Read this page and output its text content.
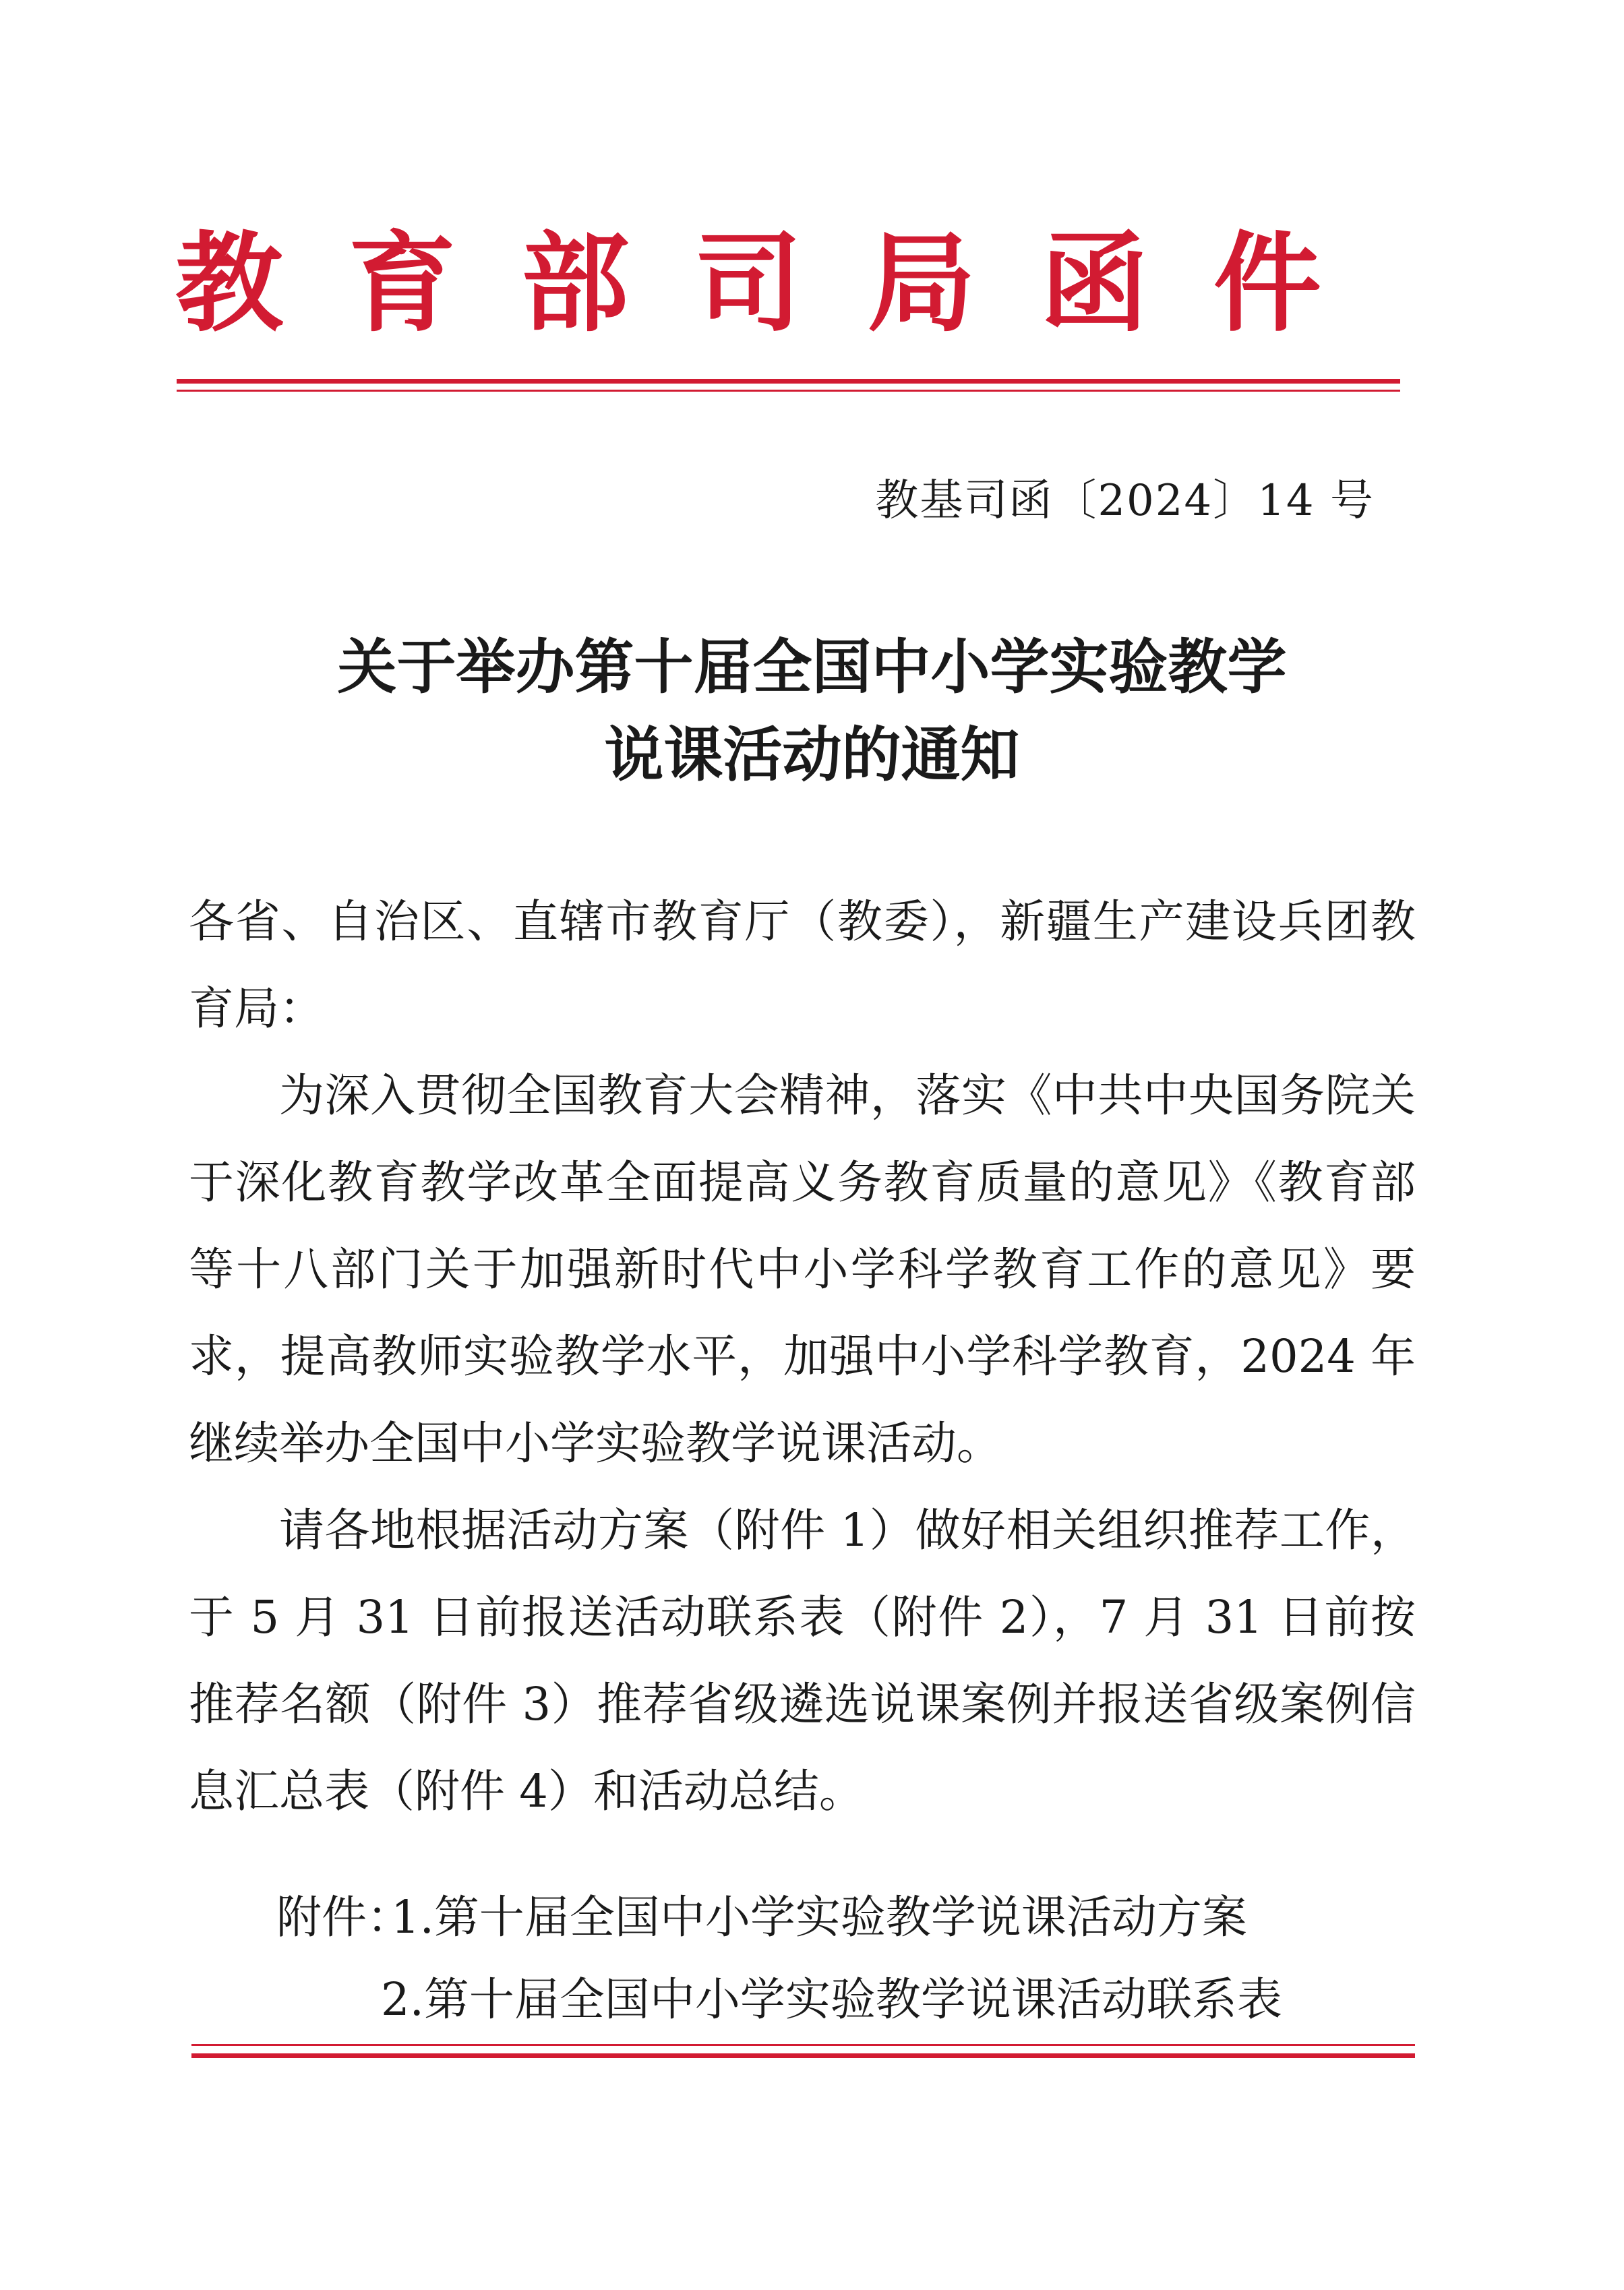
教 育 部 司 局 函 件
教基司函〔2024〕14 号
关于举办第十届全国中小学实验教学
说课活动的通知

各省、自治区、直辖市教育厅（教委），新疆生产建设兵团教育局：

为深入贯彻全国教育大会精神，落实《中共中央国务院关于深化教育教学改革全面提高义务教育质量的意见》《教育部等十八部门关于加强新时代中小学科学教育工作的意见》要求，提高教师实验教学水平，加强中小学科学教育，2024 年继续举办全国中小学实验教学说课活动。

请各地根据活动方案（附件 1）做好相关组织推荐工作，于 5 月 31 日前报送活动联系表（附件 2），7 月 31 日前按推荐名额（附件 3）推荐省级遴选说课案例并报送省级案例信息汇总表（附件 4）和活动总结。

附件：
1.第十届全国中小学实验教学说课活动方案
2.第十届全国中小学实验教学说课活动联系表
